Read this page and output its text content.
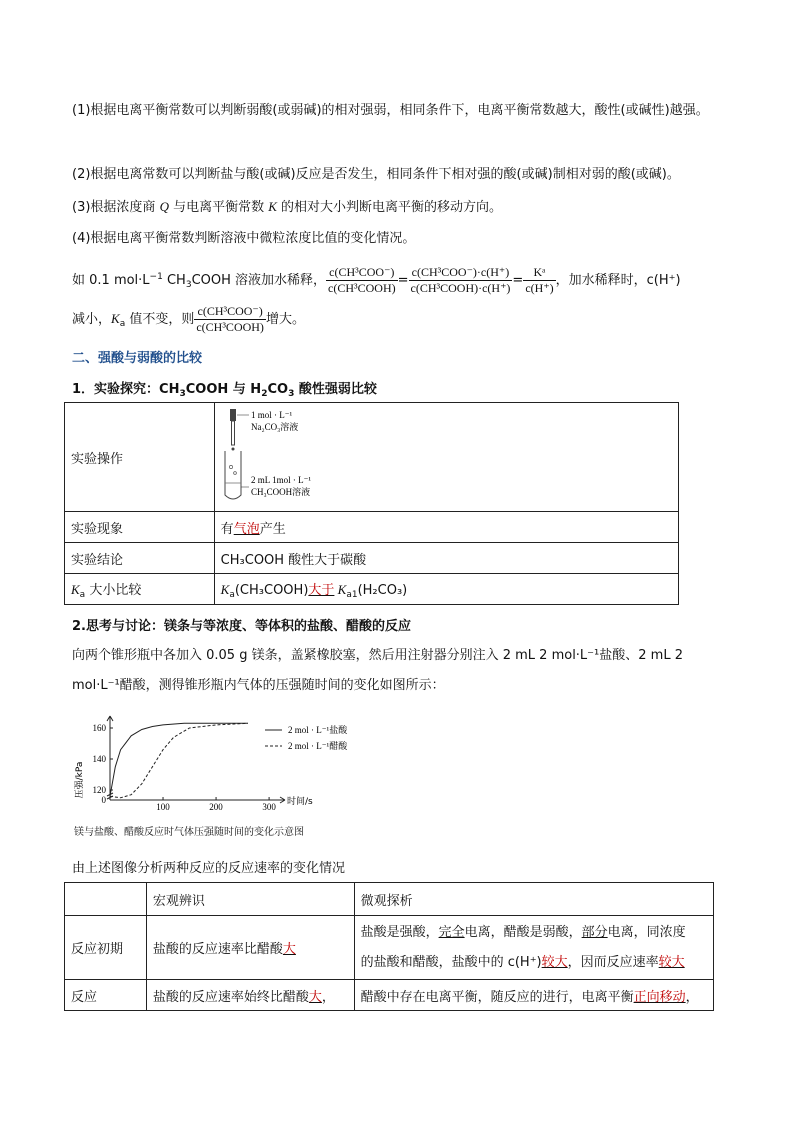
(1)根据电离平衡常数可以判断弱酸(或弱碱)的相对强弱，相同条件下，电离平衡常数越大，酸性(或碱性)越强。
(2)根据电离常数可以判断盐与酸(或碱)反应是否发生，相同条件下相对强的酸(或碱)制相对弱的酸(或碱)。
(3)根据浓度商 Q 与电离平衡常数 K 的相对大小判断电离平衡的移动方向。
(4)根据电离平衡常数判断溶液中微粒浓度比值的变化情况。
如 0.1 $mol\cdot L^{-1}$ $CH_3COOH$ 溶液加水稀释， $\frac{\text{c(CH³COO⁻)}}{\text{c(CH³COOH)}} = \frac{\text{c(CH³COO⁻)·c(H⁺)}}{\text{c(CH³COOH)·c(H⁺)}} = \frac{\text{Kᵃ}}{c(H^+)}$ ，加水稀释时，c(H⁺)
减小，$K_a$ 值不变，则 $\frac{\text{c(CH³COO⁻)}}{\text{c(CH³COOH)}}$ 增大。
二、强酸与弱酸的比较
1．实验探究：$CH_3COOH$ 与 $H_2CO_3$ 酸性强弱比较
实验操作	1 mol · L⁻¹
Na₂CO₃溶液
2 mL 1mol · L⁻¹
CH₃COOH溶液

实验现象	有气泡产生
实验结论	CH₃COOH 酸性大于碳酸
$K_a$ 大小比较	$K_a(CH_3COOH)$大于 $K_{a1}(H_2CO_3)$
2.思考与讨论：镁条与等浓度、等体积的盐酸、醋酸的反应
向两个锥形瓶中各加入 0.05 g 镁条，盖紧橡胶塞，然后用注射器分别注入 2 mL 2 mol·L⁻¹盐酸、2 mL 2
mol·L⁻¹醋酸，测得锥形瓶内气体的压强随时间的变化如图所示：
100	200	300
0
120
140
160
时间/s
压强/kPa
2 mol · L⁻¹盐酸
2 mol · L⁻¹醋酸
镁与盐酸、醋酸反应时气体压强随时间的变化示意图
由上述图像分析两种反应的反应速率的变化情况
	宏观辨识	微观探析
反应初期	盐酸的反应速率比醋酸大	盐酸是强酸，完全电离，醋酸是弱酸，部分电离，同浓度
的盐酸和醋酸，盐酸中的 c(H⁺)较大，因而反应速率较大

反应	盐酸的反应速率始终比醋酸大，	醋酸中存在电离平衡，随反应的进行，电离平衡正向移动，
